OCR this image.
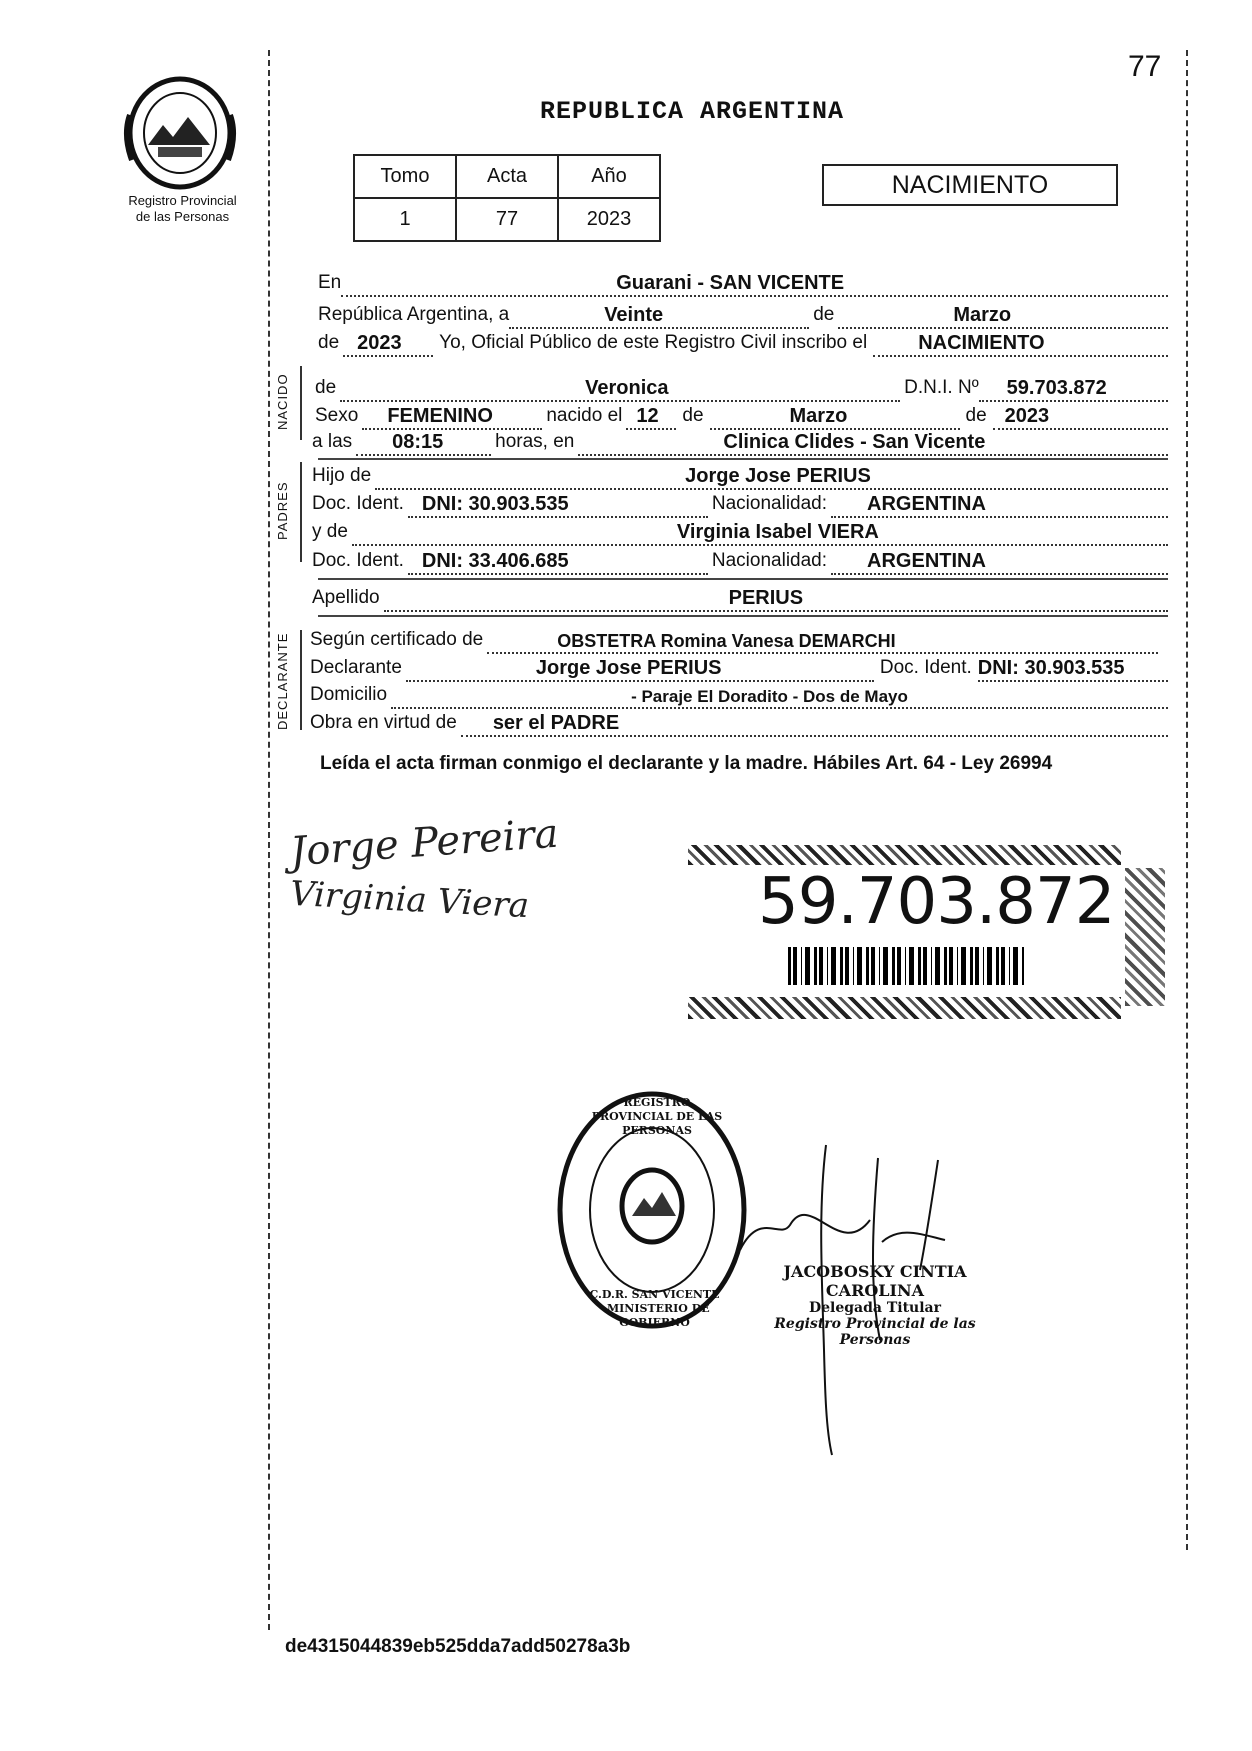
77
Registro Provincial
de las Personas
REPUBLICA ARGENTINA
Tomo	Acta	Año
1	77	2023
NACIMIENTO
NACIDO
PADRES
DECLARANTE
En	Guarani - SAN VICENTE
República Argentina, a	Veinte	de	Marzo
de 2023 Yo, Oficial Público de este Registro Civil inscribo el	NACIMIENTO
de	Veronica	D.N.I. Nº 59.703.872
Sexo FEMENINO	nacido el 12 de	Marzo	de 2023
a las 08:15	horas, en	Clinica Clides - San Vicente
Hijo de	Jorge Jose PERIUS
Doc. Ident. DNI: 30.903.535	Nacionalidad: ARGENTINA
y de	Virginia Isabel VIERA
Doc. Ident. DNI: 33.406.685	Nacionalidad: ARGENTINA
Apellido	PERIUS
Según certificado de	OBSTETRA Romina Vanesa DEMARCHI
Declarante	Jorge Jose PERIUS	Doc. Ident. DNI: 30.903.535
Domicilio	- Paraje El Doradito - Dos de Mayo
Obra en virtud de ser el PADRE
Leída el acta firman conmigo el declarante y la madre. Hábiles Art. 64 - Ley 26994
Jorge Pereira
Virginia Viera	59.703.872
REGISTRO PROVINCIAL DE LAS PERSONAS
C.D.R. SAN VICENTE · MINISTERIO DE GOBIERNO
JACOBOSKY CINTIA CAROLINA
Delegada Titular
Registro Provincial de las Personas
de4315044839eb525dda7add50278a3b
